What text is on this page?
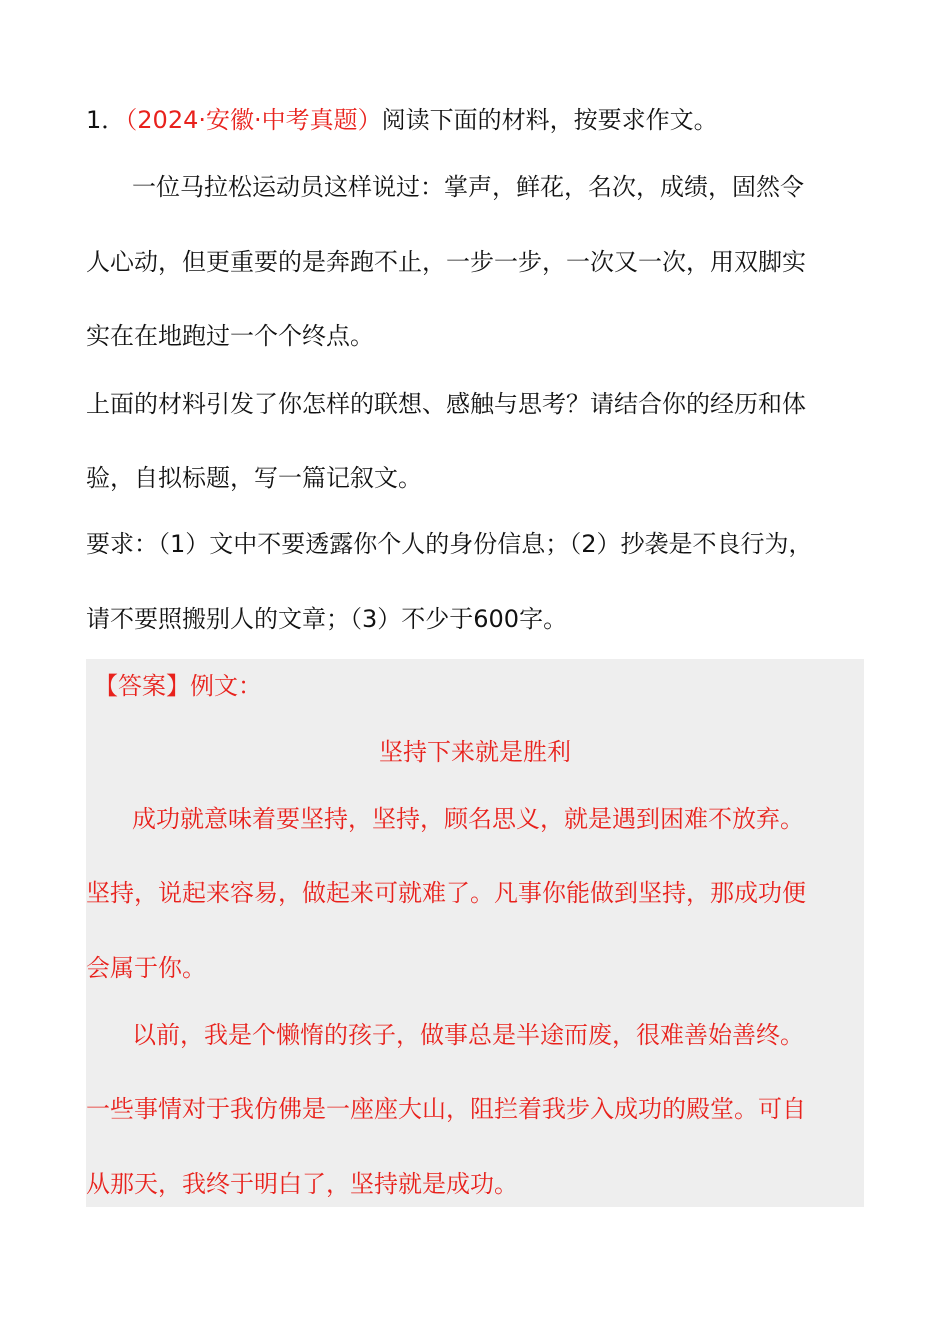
1．（2024·安徽·中考真题）阅读下面的材料，按要求作文。
一位马拉松运动员这样说过：掌声，鲜花，名次，成绩，固然令
人心动，但更重要的是奔跑不止，一步一步，一次又一次，用双脚实
实在在地跑过一个个终点。
上面的材料引发了你怎样的联想、感触与思考？请结合你的经历和体
验，自拟标题，写一篇记叙文。
要求：（1）文中不要透露你个人的身份信息；（2）抄袭是不良行为，
请不要照搬别人的文章；（3）不少于600字。
【答案】例文：
坚持下来就是胜利
成功就意味着要坚持，坚持，顾名思义，就是遇到困难不放弃。
坚持，说起来容易，做起来可就难了。凡事你能做到坚持，那成功便
会属于你。
以前，我是个懒惰的孩子，做事总是半途而废，很难善始善终。
一些事情对于我仿佛是一座座大山，阻拦着我步入成功的殿堂。可自
从那天，我终于明白了，坚持就是成功。
